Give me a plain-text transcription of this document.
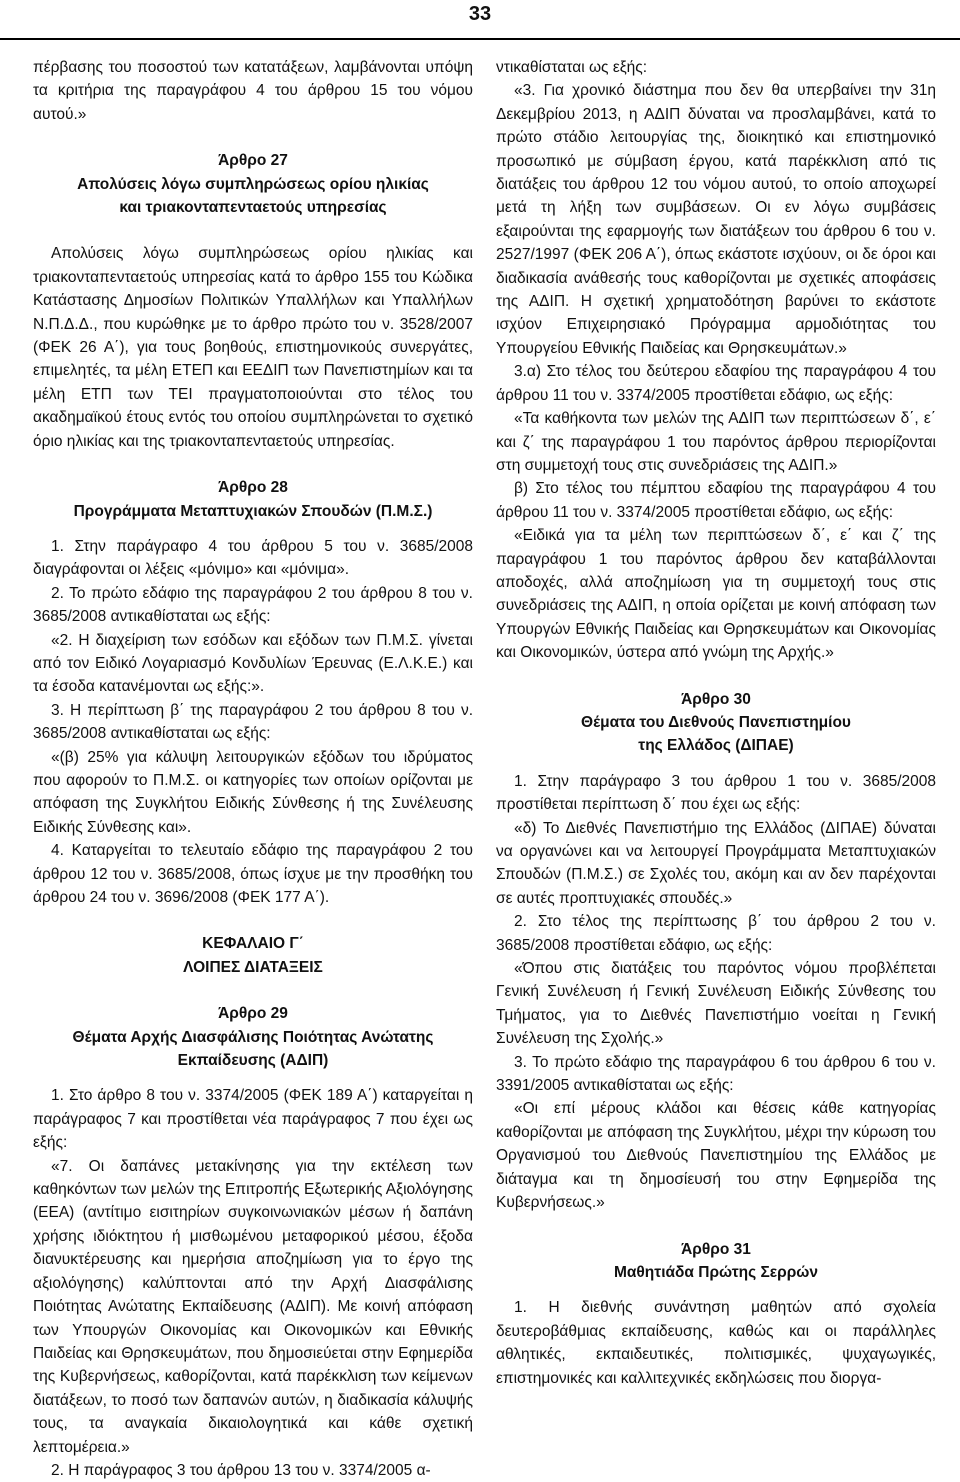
33

πέρβασης του ποσοστού των κατατάξεων, λαμβάνονται υπόψη τα κριτήρια της παραγράφου 4 του άρθρου 15 του νόμου αυτού.»

Άρθρο 27

Απολύσεις λόγω συμπληρώσεως ορίου ηλικίας

και τριακονταπενταετούς υπηρεσίας

Απολύσεις λόγω συμπληρώσεως ορίου ηλικίας και τριακονταπενταετούς υπηρεσίας κατά το άρθρο 155 του Κώδικα Κατάστασης Δημοσίων Πολιτικών Υπαλλήλων και Υπαλλήλων Ν.Π.Δ.Δ., που κυρώθηκε με το άρθρο πρώτο του ν. 3528/2007 (ΦΕΚ 26 Α΄), για τους βοηθούς, επιστημονικούς συνεργάτες, επιμελητές, τα μέλη ΕΤΕΠ και ΕΕΔΙΠ των Πανεπιστημίων και τα μέλη ΕΤΠ των ΤΕΙ πραγματοποιούνται στο τέλος του ακαδημαϊκού έτους εντός του οποίου συμπληρώνεται το σχετικό όριο ηλικίας και της τριακονταπενταετούς υπηρεσίας.

Άρθρο 28

Προγράμματα Μεταπτυχιακών Σπουδών (Π.Μ.Σ.)

1. Στην παράγραφο 4 του άρθρου 5 του ν. 3685/2008 διαγράφονται οι λέξεις «μόνιμο» και «μόνιμα».

2. Το πρώτο εδάφιο της παραγράφου 2 του άρθρου 8 του ν. 3685/2008 αντικαθίσταται ως εξής:

«2. Η διαχείριση των εσόδων και εξόδων των Π.Μ.Σ. γίνεται από τον Ειδικό Λογαριασμό Κονδυλίων Έρευνας (Ε.Λ.Κ.Ε.) και τα έσοδα κατανέμονται ως εξής:».

3. Η περίπτωση β΄ της παραγράφου 2 του άρθρου 8 του ν. 3685/2008 αντικαθίσταται ως εξής:

«(β) 25% για κάλυψη λειτουργικών εξόδων του ιδρύματος που αφορούν το Π.Μ.Σ. οι κατηγορίες των οποίων ορίζονται με απόφαση της Συγκλήτου Ειδικής Σύνθεσης ή της Συνέλευσης Ειδικής Σύνθεσης και».

4. Καταργείται το τελευταίο εδάφιο της παραγράφου 2 του άρθρου 12 του ν. 3685/2008, όπως ίσχυε με την προσθήκη του άρθρου 24 του ν. 3696/2008 (ΦΕΚ 177 Α΄).

ΚΕΦΑΛΑΙΟ Γ΄

ΛΟΙΠΕΣ ΔΙΑΤΑΞΕΙΣ

Άρθρο 29

Θέματα Αρχής Διασφάλισης Ποιότητας Ανώτατης

Εκπαίδευσης (ΑΔΙΠ)

1. Στο άρθρο 8 του ν. 3374/2005 (ΦΕΚ 189 Α΄) καταργείται η παράγραφος 7 και προστίθεται νέα παράγραφος 7 που έχει ως εξής:

«7. Οι δαπάνες μετακίνησης για την εκτέλεση των καθηκόντων των μελών της Επιτροπής Εξωτερικής Αξιολόγησης (ΕΕΑ) (αντίτιμο εισιτηρίων συγκοινωνιακών μέσων ή δαπάνη χρήσης ιδιόκτητου ή μισθωμένου μεταφορικού μέσου, έξοδα διανυκτέρευσης και ημερήσια αποζημίωση για το έργο της αξιολόγησης) καλύπτονται από την Αρχή Διασφάλισης Ποιότητας Ανώτατης Εκπαίδευσης (ΑΔΙΠ). Με κοινή απόφαση των Υπουργών Οικονομίας και Οικονομικών και Εθνικής Παιδείας και Θρησκευμάτων, που δημοσιεύεται στην Εφημερίδα της Κυβερνήσεως, καθορίζονται, κατά παρέκκλιση των κείμενων διατάξεων, το ποσό των δαπανών αυτών, η διαδικασία κάλυψής τους, τα αναγκαία δικαιολογητικά και κάθε σχετική λεπτομέρεια.»

2. Η παράγραφος 3 του άρθρου 13 του ν. 3374/2005 α-

ντικαθίσταται ως εξής:

«3. Για χρονικό διάστημα που δεν θα υπερβαίνει την 31η Δεκεμβρίου 2013, η ΑΔΙΠ δύναται να προσλαμβάνει, κατά το πρώτο στάδιο λειτουργίας της, διοικητικό και επιστημονικό προσωπικό με σύμβαση έργου, κατά παρέκκλιση από τις διατάξεις του άρθρου 12 του νόμου αυτού, το οποίο αποχωρεί μετά τη λήξη των συμβάσεων. Οι εν λόγω συμβάσεις εξαιρούνται της εφαρμογής των διατάξεων του άρθρου 6 του ν. 2527/1997 (ΦΕΚ 206 Α΄), όπως εκάστοτε ισχύουν, οι δε όροι και διαδικασία ανάθεσής τους καθορίζονται με σχετικές αποφάσεις της ΑΔΙΠ. Η σχετική χρηματοδότηση βαρύνει το εκάστοτε ισχύον Επιχειρησιακό Πρόγραμμα αρμοδιότητας του Υπουργείου Εθνικής Παιδείας και Θρησκευμάτων.»

3.α) Στο τέλος του δεύτερου εδαφίου της παραγράφου 4 του άρθρου 11 του ν. 3374/2005 προστίθεται εδάφιο, ως εξής:

«Τα καθήκοντα των μελών της ΑΔΙΠ των περιπτώσεων δ΄, ε΄ και ζ΄ της παραγράφου 1 του παρόντος άρθρου περιορίζονται στη συμμετοχή τους στις συνεδριάσεις της ΑΔΙΠ.»

β) Στο τέλος του πέμπτου εδαφίου της παραγράφου 4 του άρθρου 11 του ν. 3374/2005 προστίθεται εδάφιο, ως εξής:

«Ειδικά για τα μέλη των περιπτώσεων δ΄, ε΄ και ζ΄ της παραγράφου 1 του παρόντος άρθρου δεν καταβάλλονται αποδοχές, αλλά αποζημίωση για τη συμμετοχή τους στις συνεδριάσεις της ΑΔΙΠ, η οποία ορίζεται με κοινή απόφαση των Υπουργών Εθνικής Παιδείας και Θρησκευμάτων και Οικονομίας και Οικονομικών, ύστερα από γνώμη της Αρχής.»

Άρθρο 30

Θέματα του Διεθνούς Πανεπιστημίου

της Ελλάδος (ΔΙΠΑΕ)

1. Στην παράγραφο 3 του άρθρου 1 του ν. 3685/2008 προστίθεται περίπτωση δ΄ που έχει ως εξής:

«δ) Το Διεθνές Πανεπιστήμιο της Ελλάδος (ΔΙΠΑΕ) δύναται να οργανώνει και να λειτουργεί Προγράμματα Μεταπτυχιακών Σπουδών (Π.Μ.Σ.) σε Σχολές του, ακόμη και αν δεν παρέχονται σε αυτές προπτυχιακές σπουδές.»

2. Στο τέλος της περίπτωσης β΄ του άρθρου 2 του ν. 3685/2008 προστίθεται εδάφιο, ως εξής:

«Όπου στις διατάξεις του παρόντος νόμου προβλέπεται Γενική Συνέλευση ή Γενική Συνέλευση Ειδικής Σύνθεσης του Τμήματος, για το Διεθνές Πανεπιστήμιο νοείται η Γενική Συνέλευση της Σχολής.»

3. Το πρώτο εδάφιο της παραγράφου 6 του άρθρου 6 του ν. 3391/2005 αντικαθίσταται ως εξής:

«Οι επί μέρους κλάδοι και θέσεις κάθε κατηγορίας καθορίζονται με απόφαση της Συγκλήτου, μέχρι την κύρωση του Οργανισμού του Διεθνούς Πανεπιστημίου της Ελλάδος με διάταγμα και τη δημοσίευσή του στην Εφημερίδα της Κυβερνήσεως.»

Άρθρο 31

Μαθητιάδα Πρώτης Σερρών

1. Η διεθνής συνάντηση μαθητών από σχολεία δευτεροβάθμιας εκπαίδευσης, καθώς και οι παράλληλες αθλητικές, εκπαιδευτικές, πολιτισμικές, ψυχαγωγικές, επιστημονικές και καλλιτεχνικές εκδηλώσεις που διοργα-
